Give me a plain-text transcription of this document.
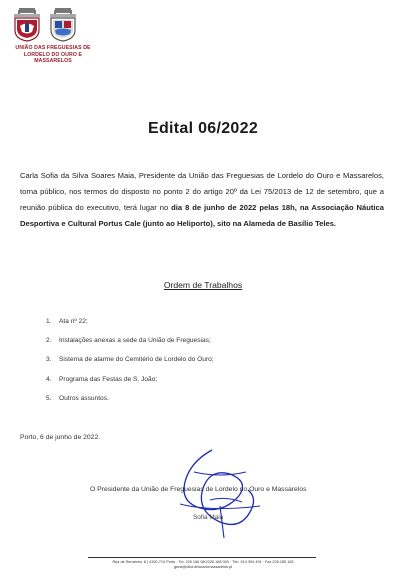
UNIÃO DAS FREGUESIAS DE
LORDELO DO OURO E MASSARELOS
Edital 06/2022
Carla Sofia da Silva Soares Maia, Presidente da União das Freguesias de Lordelo do Ouro e Massarelos, torna público, nos termos do disposto no ponto 2 do artigo 20º da Lei 75/2013 de 12 de setembro, que a reunião pública do executivo, terá lugar no dia 8 de junho de 2022 pelas 18h, na Associação Náutica Desportiva e Cultural Portus Cale (junto ao Heliporto), sito na Alameda de Basílio Teles.
Ordem de Trabalhos
1.	Ata nº 22;
2.	Instalações anexas a sede da União de Freguesias;
3.	Sistema de alarme do Cemitério de Lordelo do Ouro;
4.	Programa das Festas de S. João;
5.	Outros assuntos.
Porto, 6 de junho de 2022.
O Presidente da União de Freguesias de Lordelo do Ouro e Massarelos
Sofia Maia
Rua de Serralves, 8 | 4150-710 Porto · Tel. 226 166 940/226 168 000 · Tlm. 914 394 491 · Fax 226 185 163
geral@ufiordeloouromassarelos.pt
